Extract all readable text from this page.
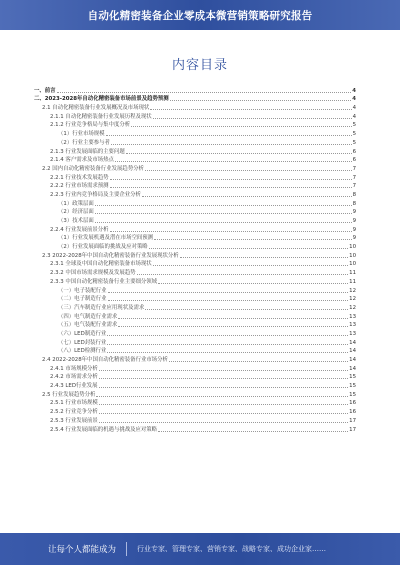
自动化精密装备企业零成本微营销策略研究报告
内容目录
一、前言	4
二、2023-2028年自动化精密装备市场前景及趋势预测	4
2.1 自动化精密装备行业发展概况及市场现状	4
2.1.1 自动化精密装备行业发展历程及现状	4
2.1.2 行业竞争格局与集中度分析	5
（1）行业市场规模	5
（2）行业主要参与者	5
2.1.3 行业发展面临的主要问题	6
2.1.4 客户需求及市场热点	6
2.2 国内自动化精密装备行业发展趋势分析	7
2.2.1 行业技术发展趋势	7
2.2.2 行业市场需求预测	7
2.2.3 行业内竞争格局及主要企业分析	8
（1）政策层面	8
（2）经济层面	9
（3）技术层面	9
2.2.4 行业发展前景分析	9
（1）行业发展机遇及潜在市场空间预测	9
（2）行业发展面临的挑战及应对策略	10
2.3 2022-2028年中国自动化精密装备行业发展现状分析	10
2.3.1 全球及中国自动化精密装备市场现状	10
2.3.2 中国市场需求规模及发展趋势	11
2.3.3 中国自动化精密装备行业主要细分领域	11
（一）电子装配行业	12
（二）电子制造行业	12
（三）汽车制造行业应用现状及需求	12
（四）电气制造行业需求	13
（五）电气装配行业需求	13
（六）LED制造行业	13
（七）LED封装行业	14
（八）LED检测行业	14
2.4 2022-2028年中国自动化精密装备行业市场分析	14
2.4.1 市场规模分析	14
2.4.2 市场需求分析	15
2.4.3 LED行业发展	15
2.5 行业发展趋势分析	15
2.5.1 行业市场规模	16
2.5.2 行业竞争分析	16
2.5.3 行业发展前景	17
2.5.4 行业发展面临的机遇与挑战及应对策略	17
让每个人都能成为	行业专家、管理专家、营销专家、战略专家、成功企业家……
